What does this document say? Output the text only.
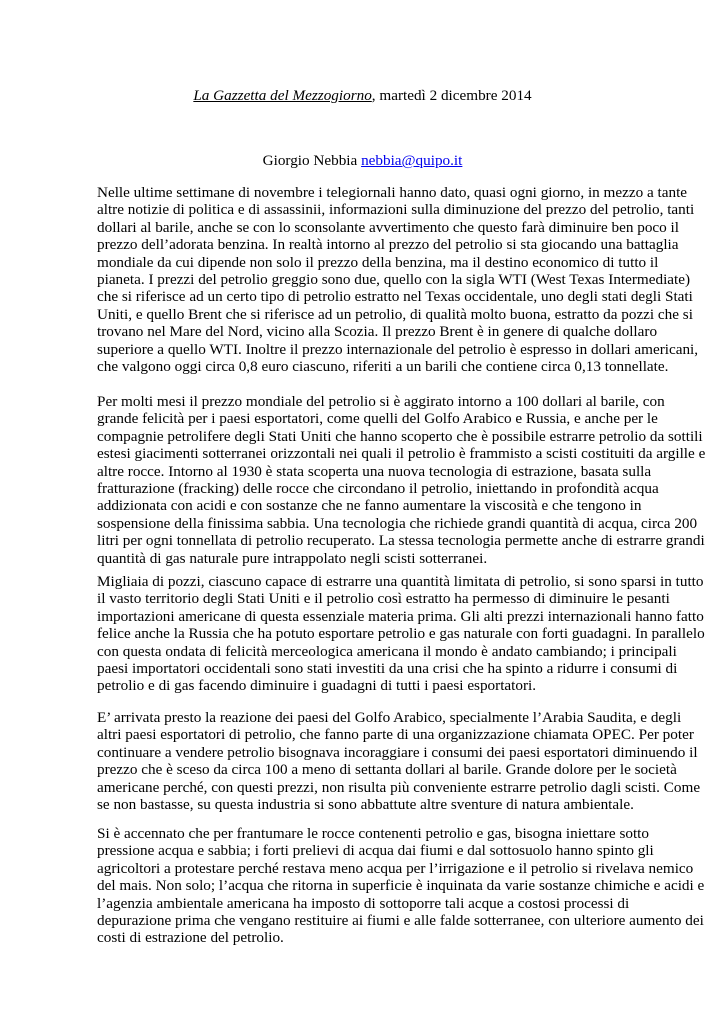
La Gazzetta del Mezzogiorno, martedì 2 dicembre 2014
Giorgio Nebbia nebbia@quipo.it
Nelle ultime settimane di novembre i telegiornali hanno dato, quasi ogni giorno, in mezzo a tante
altre notizie di politica e di assassinii, informazioni sulla diminuzione del prezzo del petrolio, tanti
dollari al barile, anche se con lo sconsolante avvertimento che questo farà diminuire ben poco il
prezzo dell’adorata benzina. In realtà intorno al prezzo del petrolio si sta giocando una battaglia
mondiale da cui dipende non solo il prezzo della benzina, ma il destino economico di tutto il
pianeta. I prezzi del petrolio greggio sono due, quello con la sigla WTI (West Texas Intermediate)
che si riferisce ad un certo tipo di petrolio estratto nel Texas occidentale, uno degli stati degli Stati
Uniti, e quello Brent che si riferisce ad un petrolio, di qualità molto buona, estratto da pozzi che si
trovano nel Mare del Nord, vicino alla Scozia. Il prezzo Brent è in genere di qualche dollaro
superiore a quello WTI. Inoltre il prezzo internazionale del petrolio è espresso in dollari americani,
che valgono oggi circa 0,8 euro ciascuno, riferiti a un barili che contiene circa 0,13 tonnellate.
Per molti mesi il prezzo mondiale del petrolio si è aggirato intorno a 100 dollari al barile, con
grande felicità per i paesi esportatori, come quelli del Golfo Arabico e Russia, e anche per le
compagnie petrolifere degli Stati Uniti che hanno scoperto che è possibile estrarre petrolio da sottili
estesi giacimenti sotterranei orizzontali nei quali il petrolio è frammisto a scisti costituiti da argille e
altre rocce. Intorno al 1930 è stata scoperta una nuova tecnologia di estrazione, basata sulla
fratturazione (fracking) delle rocce che circondano il petrolio, iniettando in profondità acqua
addizionata con acidi e con sostanze che ne fanno aumentare la viscosità e che tengono in
sospensione della finissima sabbia. Una tecnologia che richiede grandi quantità di acqua, circa 200
litri per ogni tonnellata di petrolio recuperato. La stessa tecnologia permette anche di estrarre grandi
quantità di gas naturale pure intrappolato negli scisti sotterranei.
Migliaia di pozzi, ciascuno capace di estrarre una quantità limitata di petrolio, si sono sparsi in tutto
il vasto territorio degli Stati Uniti e il petrolio così estratto ha permesso di diminuire le pesanti
importazioni americane di questa essenziale materia prima. Gli alti prezzi internazionali hanno fatto
felice anche la Russia che ha potuto esportare petrolio e gas naturale con forti guadagni. In parallelo
con questa ondata di felicità merceologica americana il mondo è andato cambiando; i principali
paesi importatori occidentali sono stati investiti da una crisi che ha spinto a ridurre i consumi di
petrolio e di gas facendo diminuire i guadagni di tutti i paesi esportatori.
E’ arrivata presto la reazione dei paesi del Golfo Arabico, specialmente l’Arabia Saudita, e degli
altri paesi esportatori di petrolio, che fanno parte di una organizzazione chiamata OPEC. Per poter
continuare a vendere petrolio bisognava incoraggiare i consumi dei paesi esportatori diminuendo il
prezzo che è sceso da circa 100 a meno di settanta dollari al barile. Grande dolore per le società
americane perché, con questi prezzi, non risulta più conveniente estrarre petrolio dagli scisti. Come
se non bastasse, su questa industria si sono abbattute altre sventure di natura ambientale.
Si è accennato che per frantumare le rocce contenenti petrolio e gas, bisogna iniettare sotto
pressione acqua e sabbia; i forti prelievi di acqua dai fiumi e dal sottosuolo hanno spinto gli
agricoltori a protestare perché restava meno acqua per l’irrigazione e il petrolio si rivelava nemico
del mais. Non solo; l’acqua che ritorna in superficie è inquinata da varie sostanze chimiche e acidi e
l’agenzia ambientale americana ha imposto di sottoporre tali acque a costosi processi di
depurazione prima che vengano restituire ai fiumi e alle falde sotterranee, con ulteriore aumento dei
costi di estrazione del petrolio.
